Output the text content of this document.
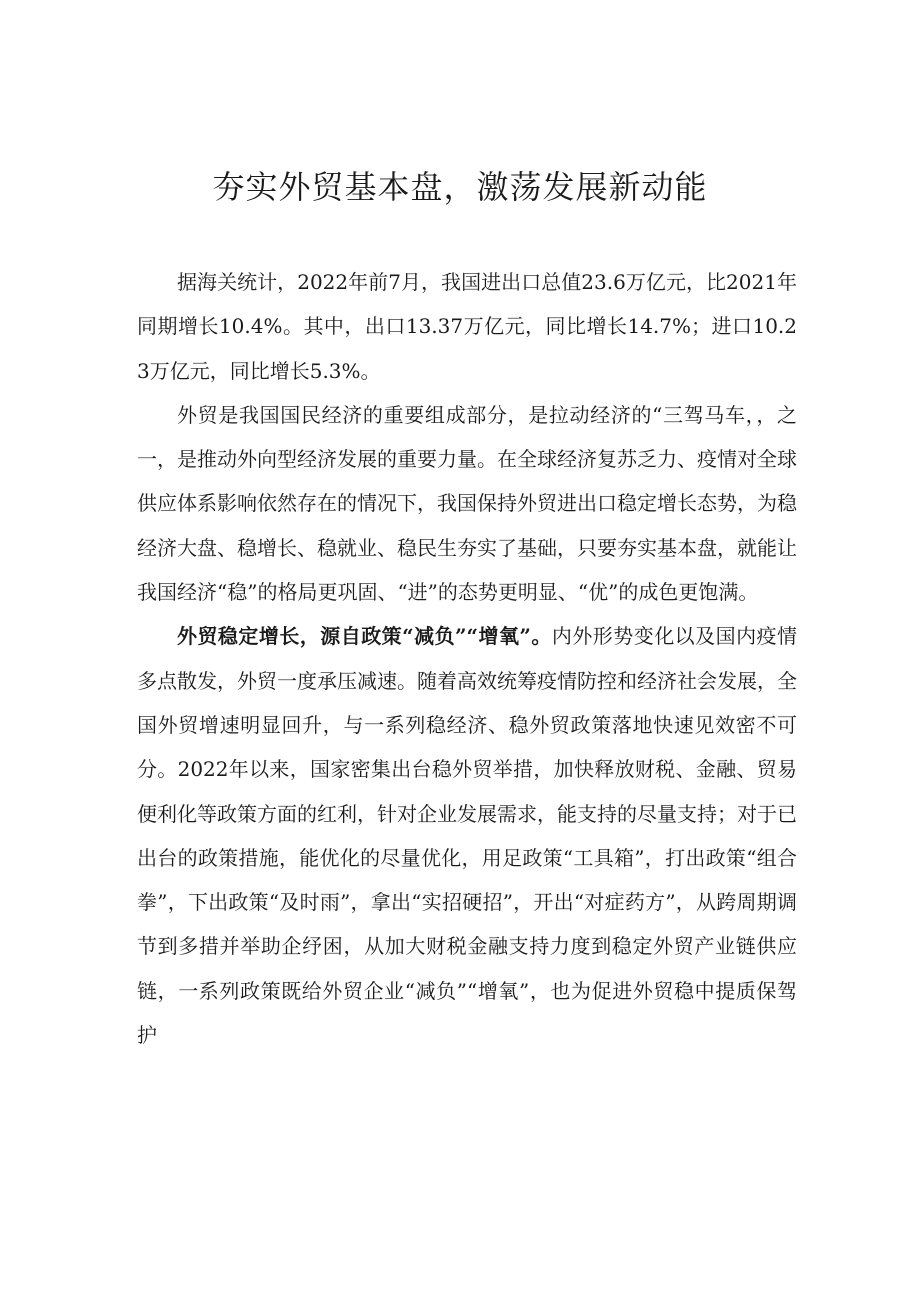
夯实外贸基本盘，激荡发展新动能

据海关统计，2022年前7月，我国进出口总值23.6万亿元，比2021年同期增长10.4%。其中，出口13.37万亿元，同比增长14.7%；进口10.23万亿元，同比增长5.3%。

外贸是我国国民经济的重要组成部分，是拉动经济的“三驾马车，，之一，是推动外向型经济发展的重要力量。在全球经济复苏乏力、疫情对全球供应体系影响依然存在的情况下，我国保持外贸进出口稳定增长态势，为稳经济大盘、稳增长、稳就业、稳民生夯实了基础，只要夯实基本盘，就能让我国经济“稳”的格局更巩固、“进”的态势更明显、“优”的成色更饱满。

外贸稳定增长，源自政策“减负”“增氧”。内外形势变化以及国内疫情多点散发，外贸一度承压减速。随着高效统筹疫情防控和经济社会发展，全国外贸增速明显回升，与一系列稳经济、稳外贸政策落地快速见效密不可分。2022年以来，国家密集出台稳外贸举措，加快释放财税、金融、贸易便利化等政策方面的红利，针对企业发展需求，能支持的尽量支持；对于已出台的政策措施，能优化的尽量优化，用足政策“工具箱”，打出政策“组合拳”，下出政策“及时雨”，拿出“实招硬招”，开出“对症药方”，从跨周期调节到多措并举助企纾困，从加大财税金融支持力度到稳定外贸产业链供应链，一系列政策既给外贸企业“减负”“增氧”，也为促进外贸稳中提质保驾护
